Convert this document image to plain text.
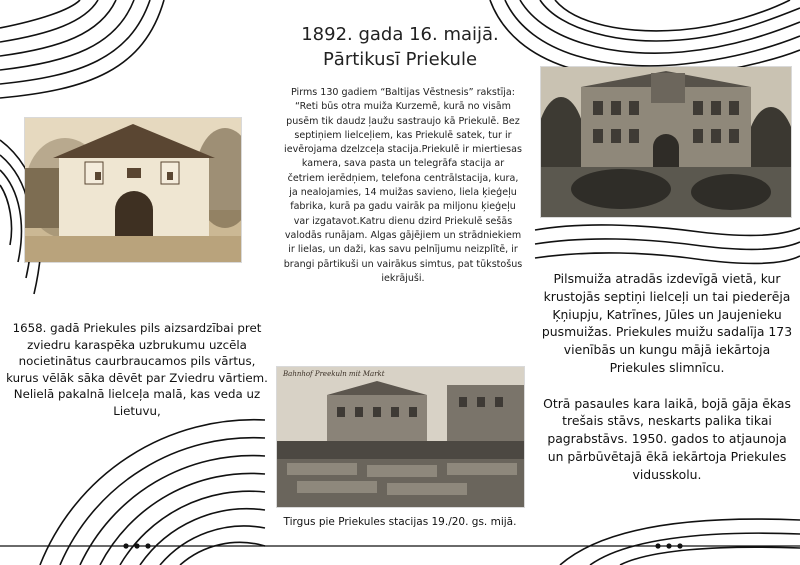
Bahnhof Preekuln mit Markt
1892. gada 16. maijā.
Pārtikusī Priekule
Pirms 130 gadiem “Baltijas Vēstnesis” rakstīja: “Reti būs otra muiža Kurzemē, kurā no visām pusēm tik daudz ļaužu sastraujo kā Priekulē. Bez septiņiem lielceļiem, kas Priekulē satek, tur ir ievērojama dzelzceļa stacija.Priekulē ir miertiesas kamera, sava pasta un telegrāfa stacija ar četriem ierēdņiem, telefona centrālstacija, kura, ja nealojamies, 14 muižas savieno, liela ķieģeļu fabrika, kurā pa gadu vairāk pa miljonu ķieģeļu var izgatavot.Katru dienu dzird Priekulē sešās valodās runājam. Algas gājējiem un strādniekiem ir lielas, un daži, kas savu pelnījumu neizplītē, ir brangi pārtikuši un vairākus simtus, pat tūkstošus iekrājuši.
1658. gadā Priekules pils aizsardzībai pret zviedru karaspēka uzbrukumu uzcēla nocietinātus caurbraucamos pils vārtus, kurus vēlāk sāka dēvēt par Zviedru vārtiem. Nelielā pakalnā lielceļa malā, kas veda uz Lietuvu,

Pilsmuiža atradās izdevīgā vietā, kur krustojās septiņi lielceļi un tai piederēja Ķņiupju, Katrīnes, Jūles un Jaujenieku pusmuižas. Priekules muižu sadalīja 173 vienībās un kungu mājā iekārtoja Priekules slimnīcu.

Otrā pasaules kara laikā, bojā gāja ēkas trešais stāvs, neskarts palika tikai pagrabstāvs. 1950. gados to atjaunoja un pārbūvētajā ēkā iekārtoja Priekules vidusskolu.

Tirgus pie Priekules stacijas 19./20. gs. mijā.
